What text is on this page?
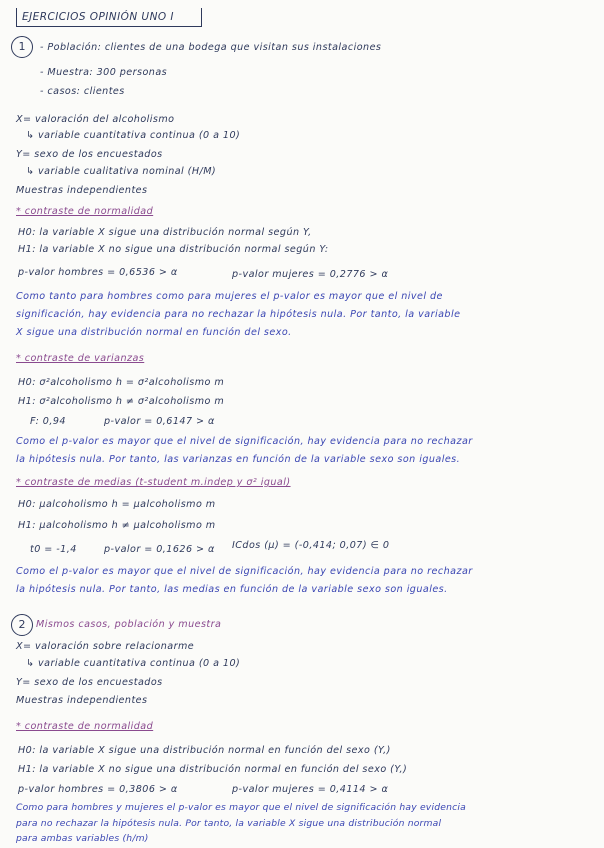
EJERCICIOS OPINIÓN UNO I
1	- Población: clientes de una bodega que visitan sus instalaciones
- Muestra: 300 personas
- casos: clientes
X= valoración del alcoholismo
↳ variable cuantitativa continua (0 a 10)
Y= sexo de los encuestados
↳ variable cualitativa nominal (H/M)
Muestras independientes
* contraste de normalidad
H0: la variable X sigue una distribución normal según Y,
H1: la variable X no sigue una distribución normal según Y:
p-valor hombres = 0,6536 > α	p-valor mujeres = 0,2776 > α
Como tanto para hombres como para mujeres el p-valor es mayor que el nivel de
significación, hay evidencia para no rechazar la hipótesis nula. Por tanto, la variable
X sigue una distribución normal en función del sexo.
* contraste de varianzas
H0: σ²alcoholismo h = σ²alcoholismo m
H1: σ²alcoholismo h ≠ σ²alcoholismo m
F: 0,94	p-valor = 0,6147 > α
Como el p-valor es mayor que el nivel de significación, hay evidencia para no rechazar
la hipótesis nula. Por tanto, las varianzas en función de la variable sexo son iguales.
* contraste de medias (t-student m.indep y σ² igual)
H0: μalcoholismo h = μalcoholismo m
H1: μalcoholismo h ≠ μalcoholismo m
t0 = -1,4	p-valor = 0,1626 > α ICdos (μ) = (-0,414; 0,07) ∈ 0
Como el p-valor es mayor que el nivel de significación, hay evidencia para no rechazar
la hipótesis nula. Por tanto, las medias en función de la variable sexo son iguales.
2	Mismos casos, población y muestra
X= valoración sobre relacionarme
↳ variable cuantitativa continua (0 a 10)
Y= sexo de los encuestados
Muestras independientes
* contraste de normalidad
H0: la variable X sigue una distribución normal en función del sexo (Y,)
H1: la variable X no sigue una distribución normal en función del sexo (Y,)
p-valor hombres = 0,3806 > α	p-valor mujeres = 0,4114 > α
Como para hombres y mujeres el p-valor es mayor que el nivel de significación hay evidencia
para no rechazar la hipótesis nula. Por tanto, la variable X sigue una distribución normal
para ambas variables (h/m)
